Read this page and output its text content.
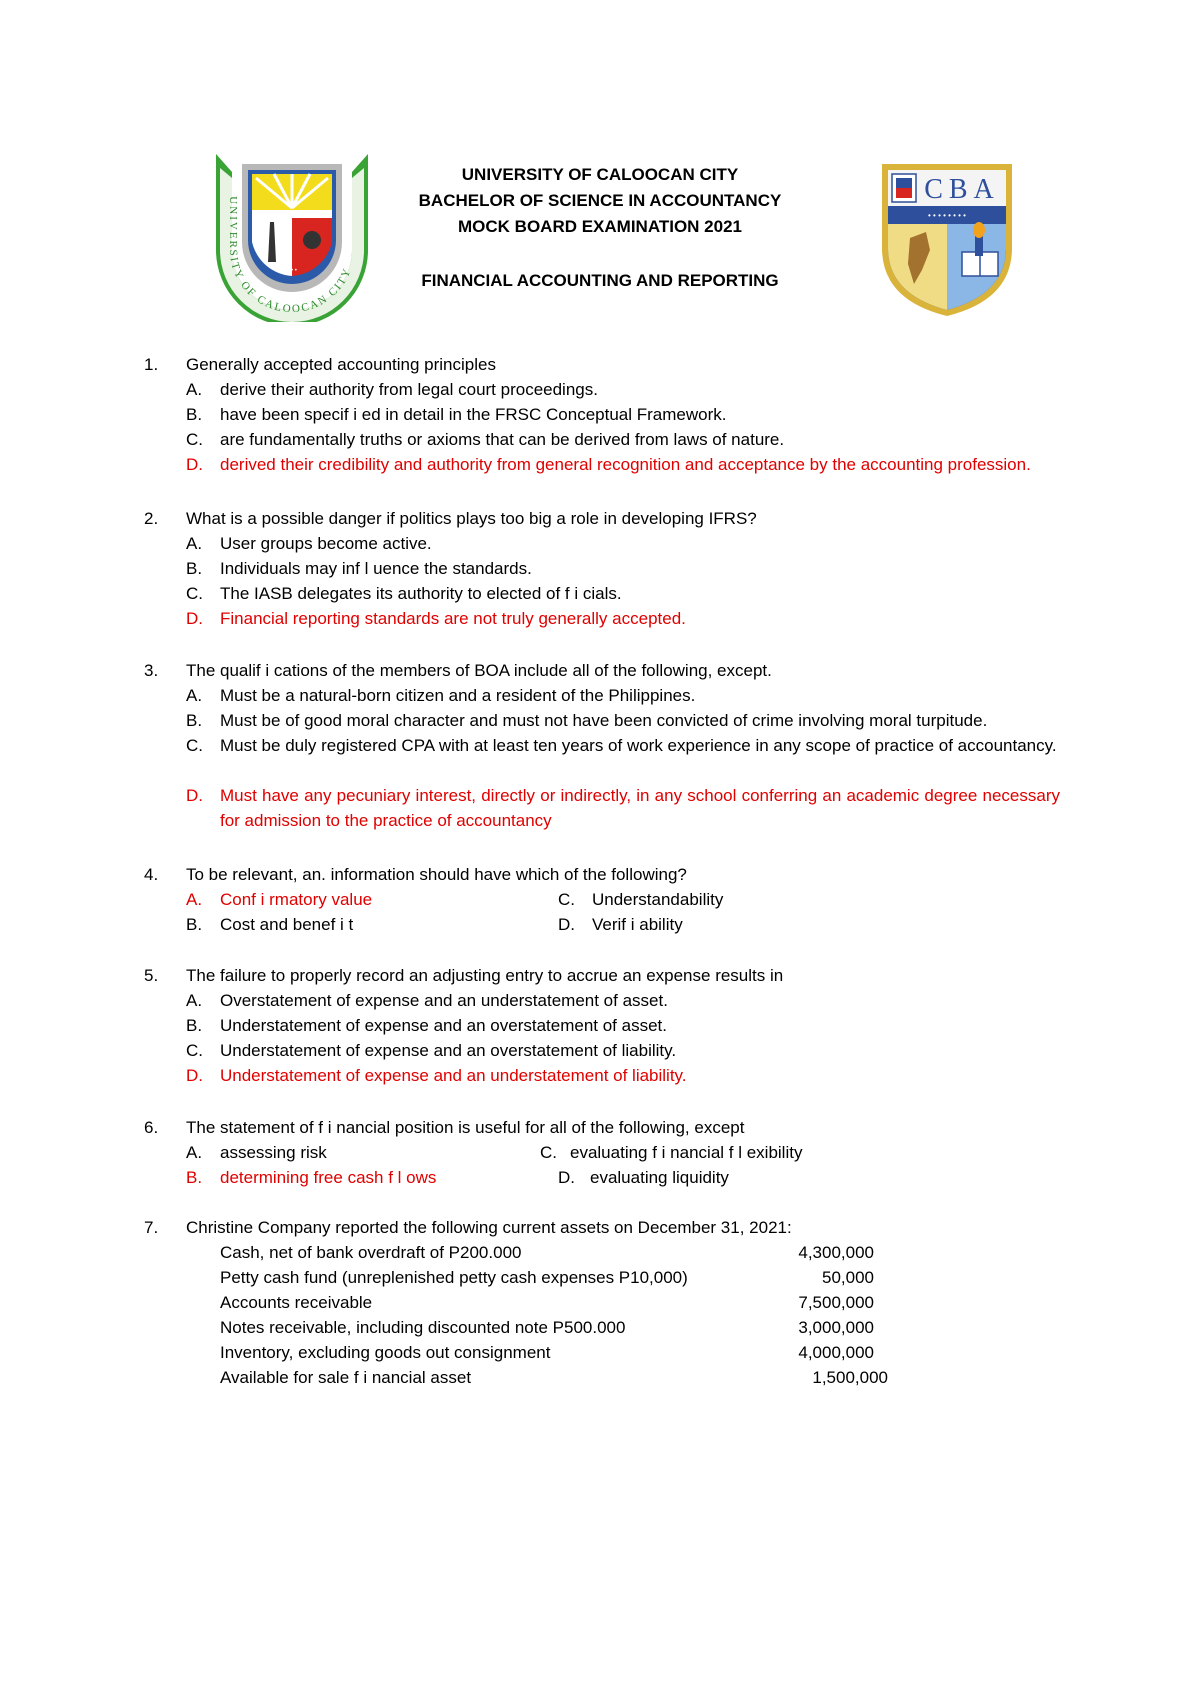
UNIVERSITY OF CALOOCAN CITY
• • •
UNIVERSITY OF CALOOCAN CITY
BACHELOR OF SCIENCE IN ACCOUNTANCY
MOCK BOARD EXAMINATION 2021
FINANCIAL ACCOUNTING AND REPORTING
CBA
• • • • • • • •
1. Generally accepted accounting principles
A. derive their authority from legal court proceedings.
B. have been specif i ed in detail in the FRSC Conceptual Framework.
C. are fundamentally truths or axioms that can be derived from laws of nature.
D. derived their credibility and authority from general recognition and acceptance by the accounting profession.
2. What is a possible danger if politics plays too big a role in developing IFRS?
A. User groups become active.
B. Individuals may inf l uence the standards.
C. The IASB delegates its authority to elected of f i cials.
D. Financial reporting standards are not truly generally accepted.
3. The qualif i cations of the members of BOA include all of the following, except.
A. Must be a natural-born citizen and a resident of the Philippines.
B. Must be of good moral character and must not have been convicted of crime involving moral turpitude.
C. Must be duly registered CPA with at least ten years of work experience in any scope of practice of accountancy.
D. Must have any pecuniary interest, directly or indirectly, in any school conferring an academic degree necessary for admission to the practice of accountancy
4. To be relevant, an. information should have which of the following?
A. Conf i rmatory value	C. Understandability
B. Cost and benef i t	D. Verif i ability
5. The failure to properly record an adjusting entry to accrue an expense results in
A. Overstatement of expense and an understatement of asset.
B. Understatement of expense and an overstatement of asset.
C. Understatement of expense and an overstatement of liability.
D. Understatement of expense and an understatement of liability.
6. The statement of f i nancial position is useful for all of the following, except
A. assessing risk	C. evaluating f i nancial f l exibility
B. determining free cash f l ows	D. evaluating liquidity
7. Christine Company reported the following current assets on December 31, 2021:
Cash, net of bank overdraft of P200.000	4,300,000
Petty cash fund (unreplenished petty cash expenses P10,000)	50,000
Accounts receivable	7,500,000
Notes receivable, including discounted note P500.000	3,000,000
Inventory, excluding goods out consignment	4,000,000
Available for sale f i nancial asset	1,500,000
